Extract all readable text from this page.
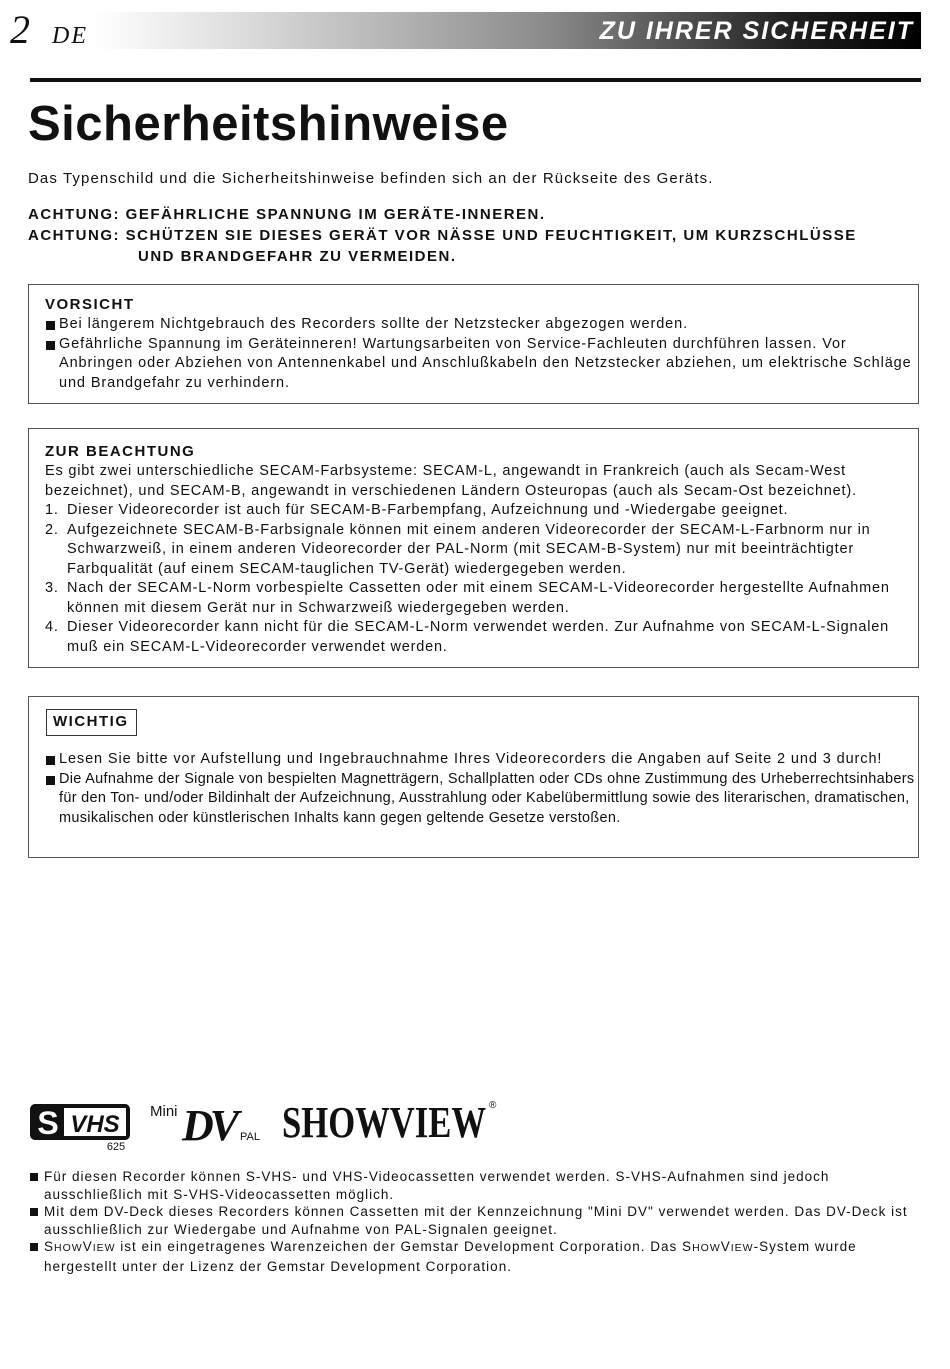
2 DE	ZU IHRER SICHERHEIT
Sicherheitshinweise
Das Typenschild und die Sicherheitshinweise befinden sich an der Rückseite des Geräts.
ACHTUNG: GEFÄHRLICHE SPANNUNG IM GERÄTE-INNEREN.
ACHTUNG: SCHÜTZEN SIE DIESES GERÄT VOR NÄSSE UND FEUCHTIGKEIT, UM KURZSCHLÜSSE
UND BRANDGEFAHR ZU VERMEIDEN.
VORSICHT
Bei längerem Nichtgebrauch des Recorders sollte der Netzstecker abgezogen werden.
Gefährliche Spannung im Geräteinneren! Wartungsarbeiten von Service-Fachleuten durchführen lassen. Vor Anbringen oder Abziehen von Antennenkabel und Anschlußkabeln den Netzstecker abziehen, um elektrische Schläge und Brandgefahr zu verhindern.
ZUR BEACHTUNG
Es gibt zwei unterschiedliche SECAM-Farbsysteme: SECAM-L, angewandt in Frankreich (auch als Secam-West bezeichnet), und SECAM-B, angewandt in verschiedenen Ländern Osteuropas (auch als Secam-Ost bezeichnet).
1. Dieser Videorecorder ist auch für SECAM-B-Farbempfang, Aufzeichnung und -Wiedergabe geeignet.
2. Aufgezeichnete SECAM-B-Farbsignale können mit einem anderen Videorecorder der SECAM-L-Farbnorm nur in Schwarzweiß, in einem anderen Videorecorder der PAL-Norm (mit SECAM-B-System) nur mit beeinträchtigter Farbqualität (auf einem SECAM-tauglichen TV-Gerät) wiedergegeben werden.
3. Nach der SECAM-L-Norm vorbespielte Cassetten oder mit einem SECAM-L-Videorecorder hergestellte Aufnahmen können mit diesem Gerät nur in Schwarzweiß wiedergegeben werden.
4. Dieser Videorecorder kann nicht für die SECAM-L-Norm verwendet werden. Zur Aufnahme von SECAM-L-Signalen muß ein SECAM-L-Videorecorder verwendet werden.
WICHTIG
Lesen Sie bitte vor Aufstellung und Ingebrauchnahme Ihres Videorecorders die Angaben auf Seite 2 und 3 durch!
Die Aufnahme der Signale von bespielten Magnetträgern, Schallplatten oder CDs ohne Zustimmung des Urheberrechtsinhabers für den Ton- und/oder Bildinhalt der Aufzeichnung, Ausstrahlung oder Kabelübermittlung sowie des literarischen, dramatischen, musikalischen oder künstlerischen Inhalts kann gegen geltende Gesetze verstoßen.
VHS
S
625
Mini DV PAL SHOWVIEW ®
Für diesen Recorder können S-VHS- und VHS-Videocassetten verwendet werden. S-VHS-Aufnahmen sind jedoch ausschließlich mit S-VHS-Videocassetten möglich.
Mit dem DV-Deck dieses Recorders können Cassetten mit der Kennzeichnung "Mini DV" verwendet werden. Das DV-Deck ist ausschließlich zur Wiedergabe und Aufnahme von PAL-Signalen geeignet.
SHOWVIEW ist ein eingetragenes Warenzeichen der Gemstar Development Corporation. Das SHOWVIEW-System wurde hergestellt unter der Lizenz der Gemstar Development Corporation.
